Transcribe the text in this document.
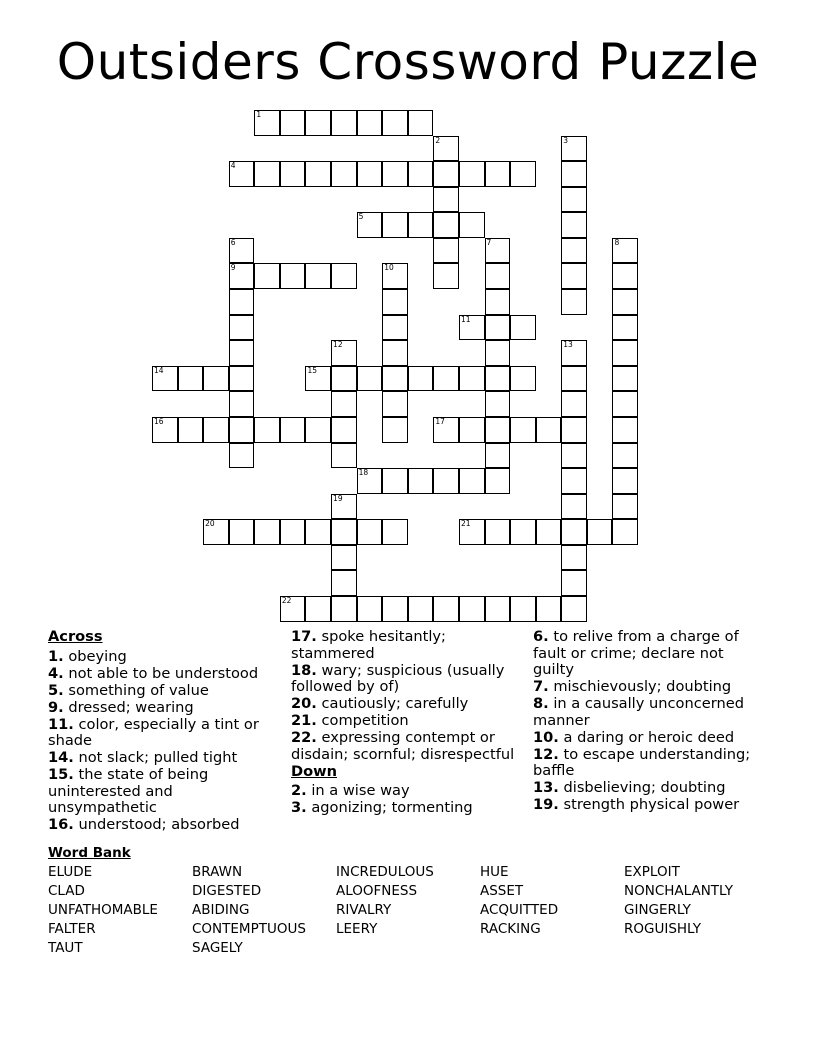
Outsiders Crossword Puzzle
1
2	3
4
5
6	7	8
9	10
11
12	13
14	15
16	17
18
19
20	21
22
Across
1. obeying
4. not able to be understood
5. something of value
9. dressed; wearing
11. color, especially a tint or shade
14. not slack; pulled tight
15. the state of being uninterested and unsympathetic
16. understood; absorbed
17. spoke hesitantly; stammered
18. wary; suspicious (usually followed by of)
20. cautiously; carefully
21. competition
22. expressing contempt or disdain; scornful; disrespectful
Down
2. in a wise way
3. agonizing; tormenting
6. to relive from a charge of fault or crime; declare not guilty
7. mischievously; doubting
8. in a causally unconcerned manner
10. a daring or heroic deed
12. to escape understanding; baffle
13. disbelieving; doubting
19. strength physical power
Word Bank
ELUDE
CLAD
UNFATHOMABLE
FALTER
TAUT
BRAWN
DIGESTED
ABIDING
CONTEMPTUOUS
SAGELY
INCREDULOUS
ALOOFNESS
RIVALRY
LEERY
HUE
ASSET
ACQUITTED
RACKING
EXPLOIT
NONCHALANTLY
GINGERLY
ROGUISHLY
